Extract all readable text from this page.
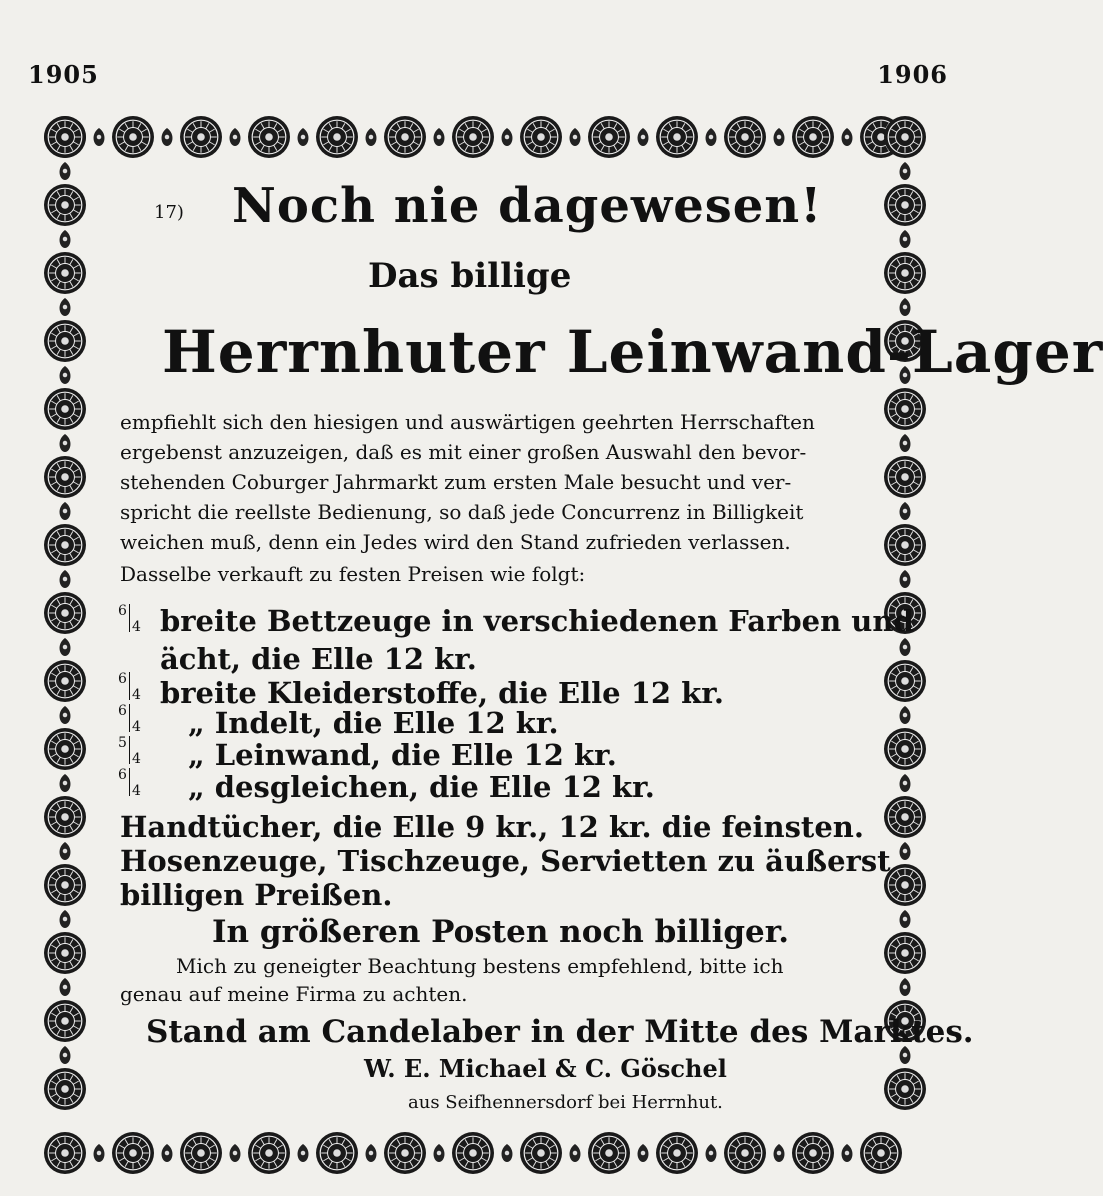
1905	1906
17) Noch nie dagewesen!
Das billige
Herrnhuter Leinwand-Lager
empfiehlt sich den hiesigen und auswärtigen geehrten Herrschaften
ergebenst anzuzeigen, daß es mit einer großen Auswahl den bevor-
stehenden Coburger Jahrmarkt zum ersten Male besucht und ver-
spricht die reellste Bedienung, so daß jede Concurrenz in Billigkeit
weichen muß, denn ein Jedes wird den Stand zufrieden verlassen.
Dasselbe verkauft zu festen Preisen wie folgt:
6
4
6
4
6
4
5
4
6
4
breite Bettzeuge in verschiedenen Farben und
ächt, die Elle 12 kr.
breite Kleiderstoffe, die Elle 12 kr.
„ Indelt, die Elle 12 kr.
„ Leinwand, die Elle 12 kr.
„ desgleichen, die Elle 12 kr.
Handtücher, die Elle 9 kr., 12 kr. die feinsten.
Hosenzeuge, Tischzeuge, Servietten zu äußerst
billigen Preißen.
In größeren Posten noch billiger.
Mich zu geneigter Beachtung bestens empfehlend, bitte ich
genau auf meine Firma zu achten.
Stand am Candelaber in der Mitte des Marktes.
W. E. Michael & C. Göschel
aus Seifhennersdorf bei Herrnhut.
